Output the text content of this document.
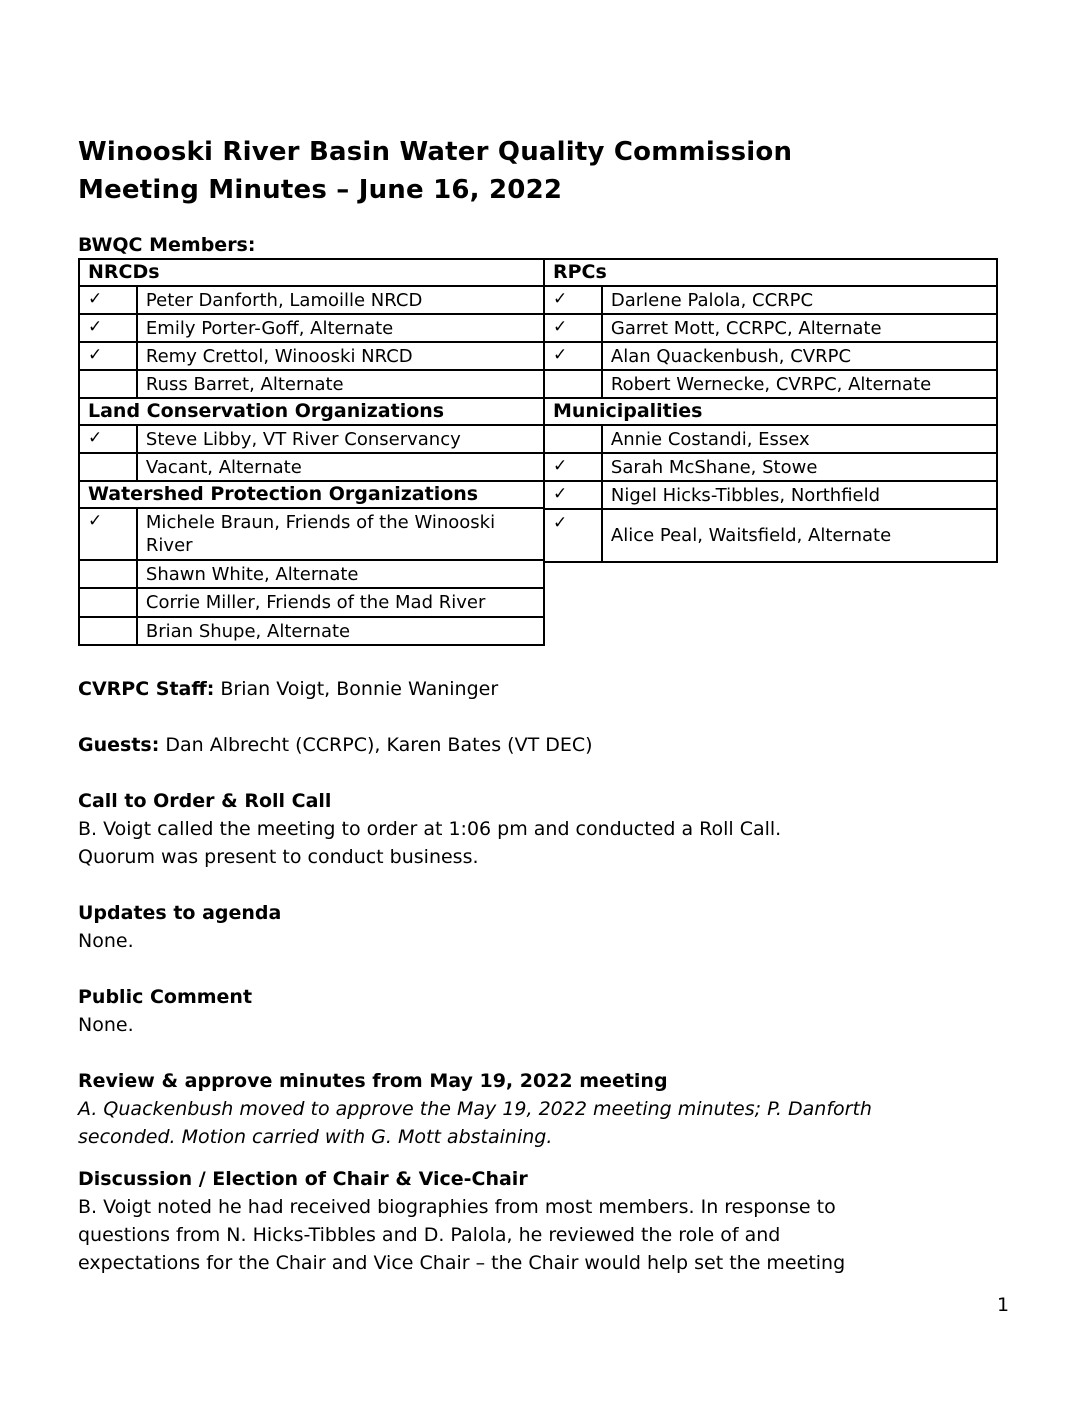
Winooski River Basin Water Quality Commission
Meeting Minutes – June 16, 2022
BWQC Members:
NRCDs	
✓	Peter Danforth, Lamoille NRCD
✓	Emily Porter-Goff, Alternate
✓	Remy Crettol, Winooski NRCD
	Russ Barret, Alternate
Land Conservation Organizations	
✓	Steve Libby, VT River Conservancy
	Vacant, Alternate
Watershed Protection Organizations	
✓	Michele Braun, Friends of the Winooski River
	Shawn White, Alternate
	Corrie Miller, Friends of the Mad River
	Brian Shupe, Alternate
RPCs	
✓	Darlene Palola, CCRPC
✓	Garret Mott, CCRPC, Alternate
✓	Alan Quackenbush, CVRPC
	Robert Wernecke, CVRPC, Alternate
Municipalities	
	Annie Costandi, Essex
✓	Sarah McShane, Stowe
✓	Nigel Hicks-Tibbles, Northfield
✓	Alice Peal, Waitsfield, Alternate
CVRPC Staff: Brian Voigt, Bonnie Waninger
Guests: Dan Albrecht (CCRPC), Karen Bates (VT DEC)
Call to Order & Roll Call
B. Voigt called the meeting to order at 1:06 pm and conducted a Roll Call.
Quorum was present to conduct business.
Updates to agenda
None.
Public Comment
None.
Review & approve minutes from May 19, 2022 meeting
A. Quackenbush moved to approve the May 19, 2022 meeting minutes; P. Danforth
seconded. Motion carried with G. Mott abstaining.
Discussion / Election of Chair & Vice-Chair
B. Voigt noted he had received biographies from most members. In response to
questions from N. Hicks-Tibbles and D. Palola, he reviewed the role of and
expectations for the Chair and Vice Chair – the Chair would help set the meeting
1
